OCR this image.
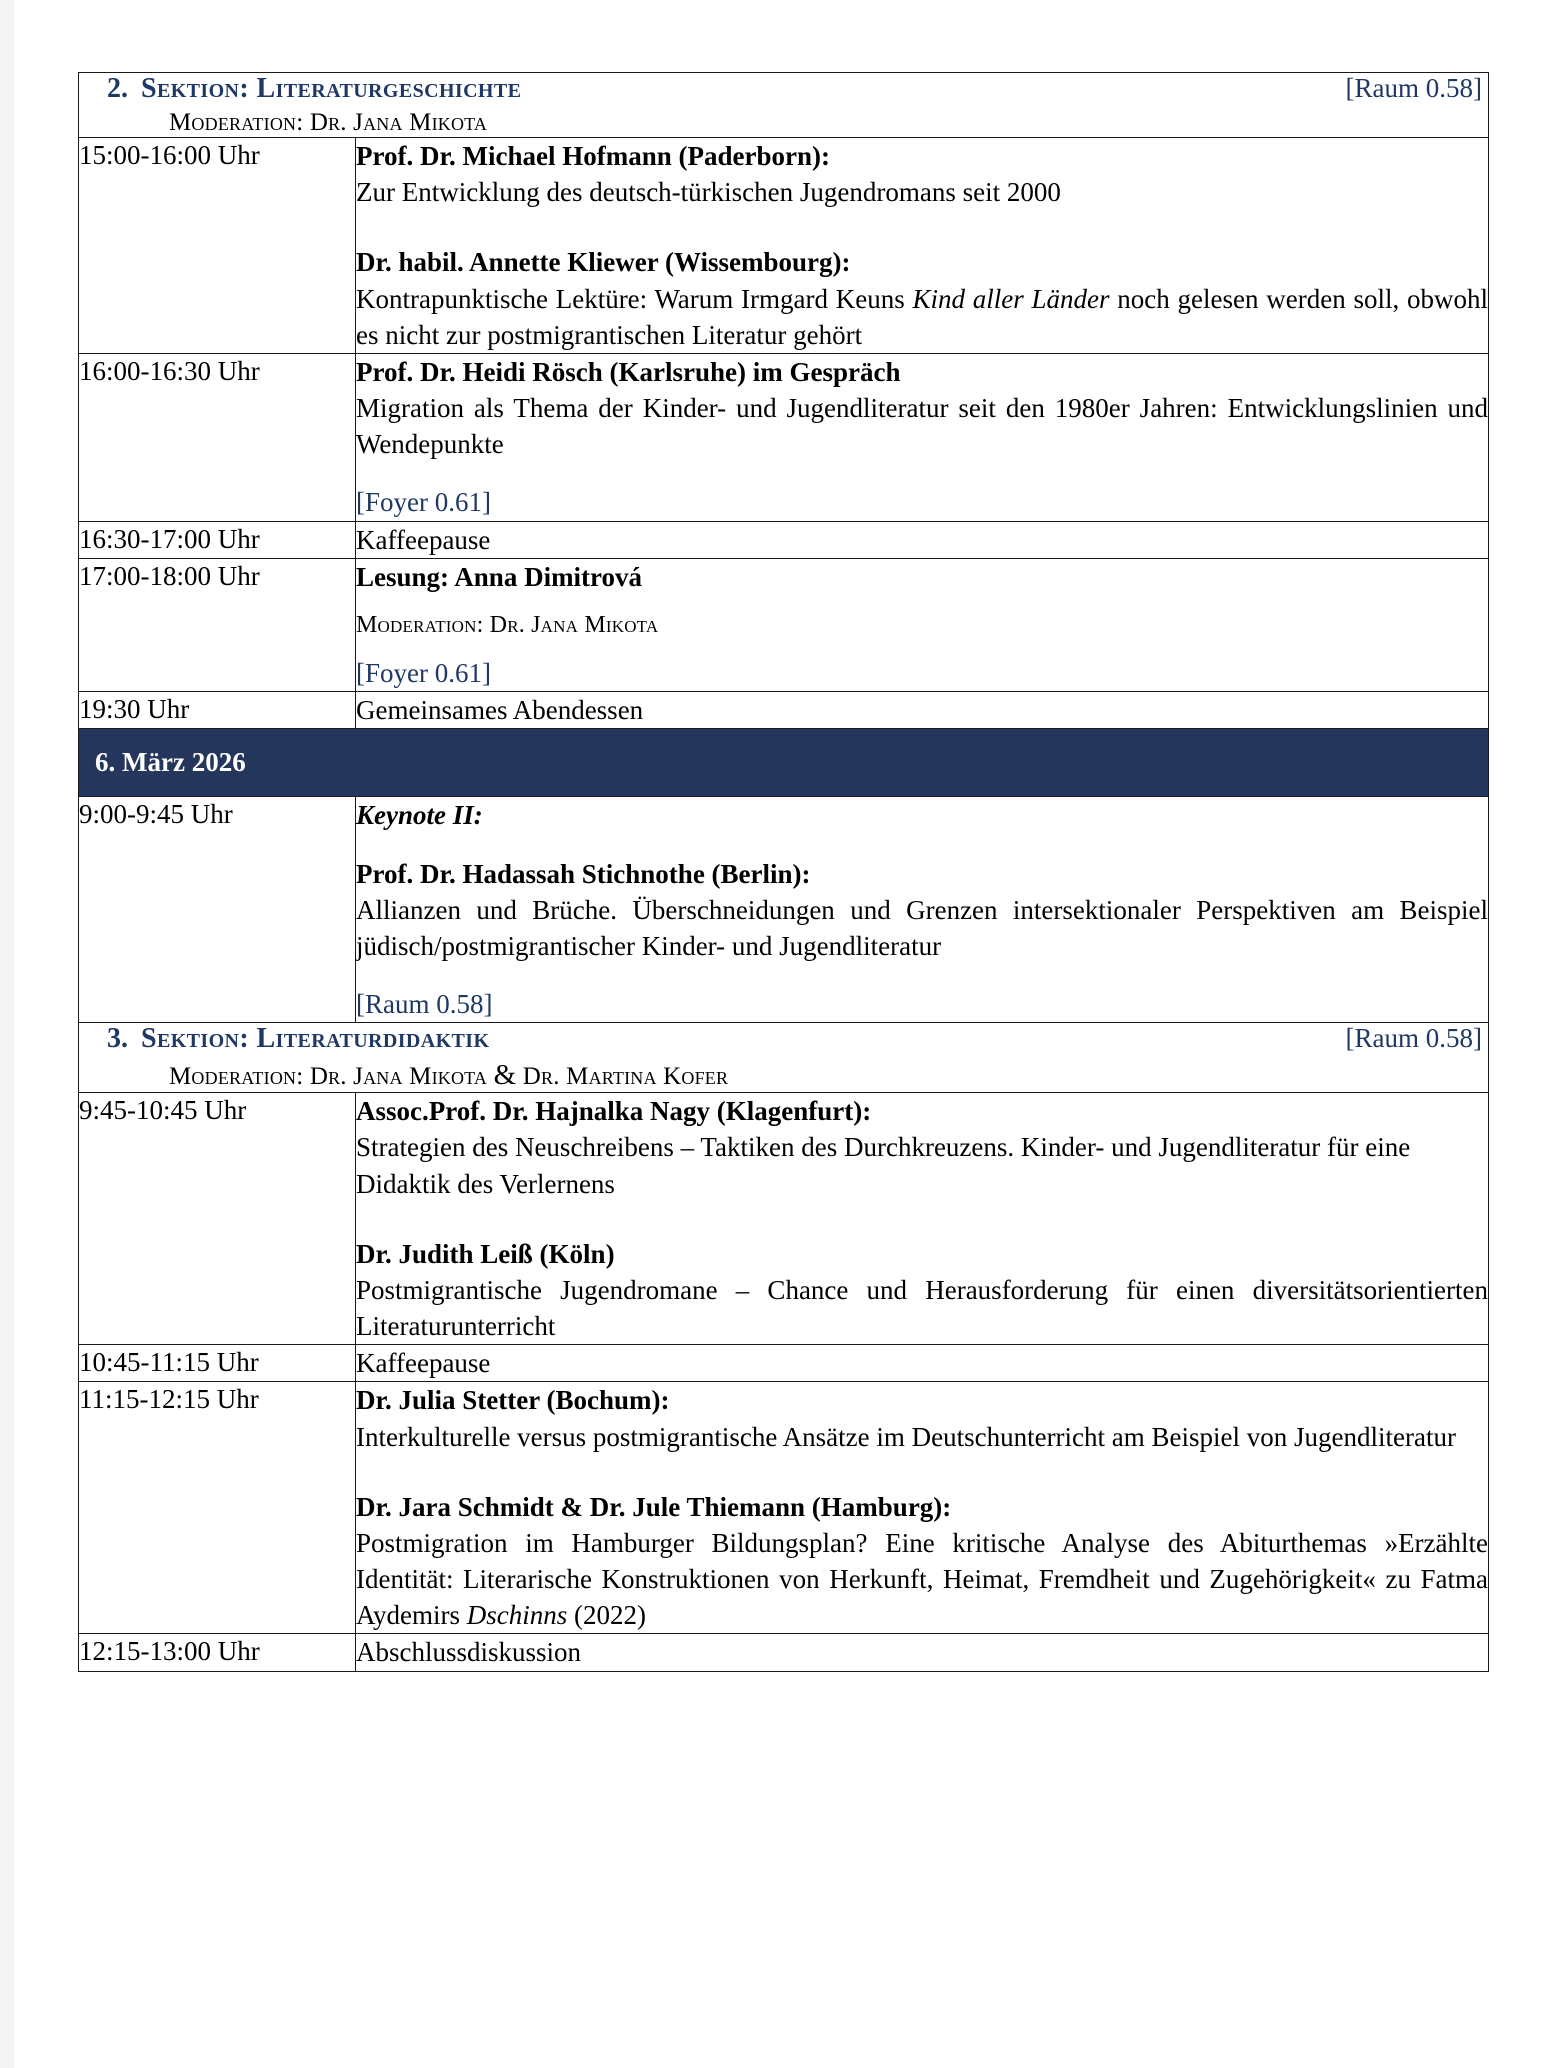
2. Sektion: Literaturgeschichte [Raum 0.58]
Moderation: Dr. Jana Mikota	

15:00-16:00 Uhr	Prof. Dr. Michael Hofmann (Paderborn):

Zur Entwicklung des deutsch-türkischen Jugendromans seit 2000

Dr. habil. Annette Kliewer (Wissembourg):

Kontrapunktische Lektüre: Warum Irmgard Keuns Kind aller Länder noch gelesen werden soll, obwohl es nicht zur postmigrantischen Literatur gehört

16:00-16:30 Uhr	Prof. Dr. Heidi Rösch (Karlsruhe) im Gespräch

Migration als Thema der Kinder- und Jugendliteratur seit den 1980er Jahren: Entwicklungslinien und Wendepunkte

[Foyer 0.61]

16:30-17:00 Uhr	Kaffeepause

17:00-18:00 Uhr	Lesung: Anna Dimitrová

Moderation: Dr. Jana Mikota

[Foyer 0.61]

19:30 Uhr	Gemeinsames Abendessen

6. März 2026	

9:00-9:45 Uhr	Keynote II:

Prof. Dr. Hadassah Stichnothe (Berlin):

Allianzen und Brüche. Überschneidungen und Grenzen intersektionaler Perspektiven am Beispiel jüdisch/postmigrantischer Kinder- und Jugendliteratur

[Raum 0.58]

3. Sektion: Literaturdidaktik [Raum 0.58]
Moderation: Dr. Jana Mikota & Dr. Martina Kofer	

9:45-10:45 Uhr	Assoc.Prof. Dr. Hajnalka Nagy (Klagenfurt):

Strategien des Neuschreibens – Taktiken des Durchkreuzens. Kinder- und Jugendliteratur für eine Didaktik des Verlernens

Dr. Judith Leiß (Köln)

Postmigrantische Jugendromane – Chance und Herausforderung für einen diversitätsorientierten Literaturunterricht

10:45-11:15 Uhr	Kaffeepause

11:15-12:15 Uhr	Dr. Julia Stetter (Bochum):

Interkulturelle versus postmigrantische Ansätze im Deutschunterricht am Beispiel von Jugendliteratur

Dr. Jara Schmidt & Dr. Jule Thiemann (Hamburg):

Postmigration im Hamburger Bildungsplan? Eine kritische Analyse des Abiturthemas »Erzählte Identität: Literarische Konstruktionen von Herkunft, Heimat, Fremdheit und Zugehörigkeit« zu Fatma Aydemirs Dschinns (2022)

12:15-13:00 Uhr	Abschlussdiskussion
